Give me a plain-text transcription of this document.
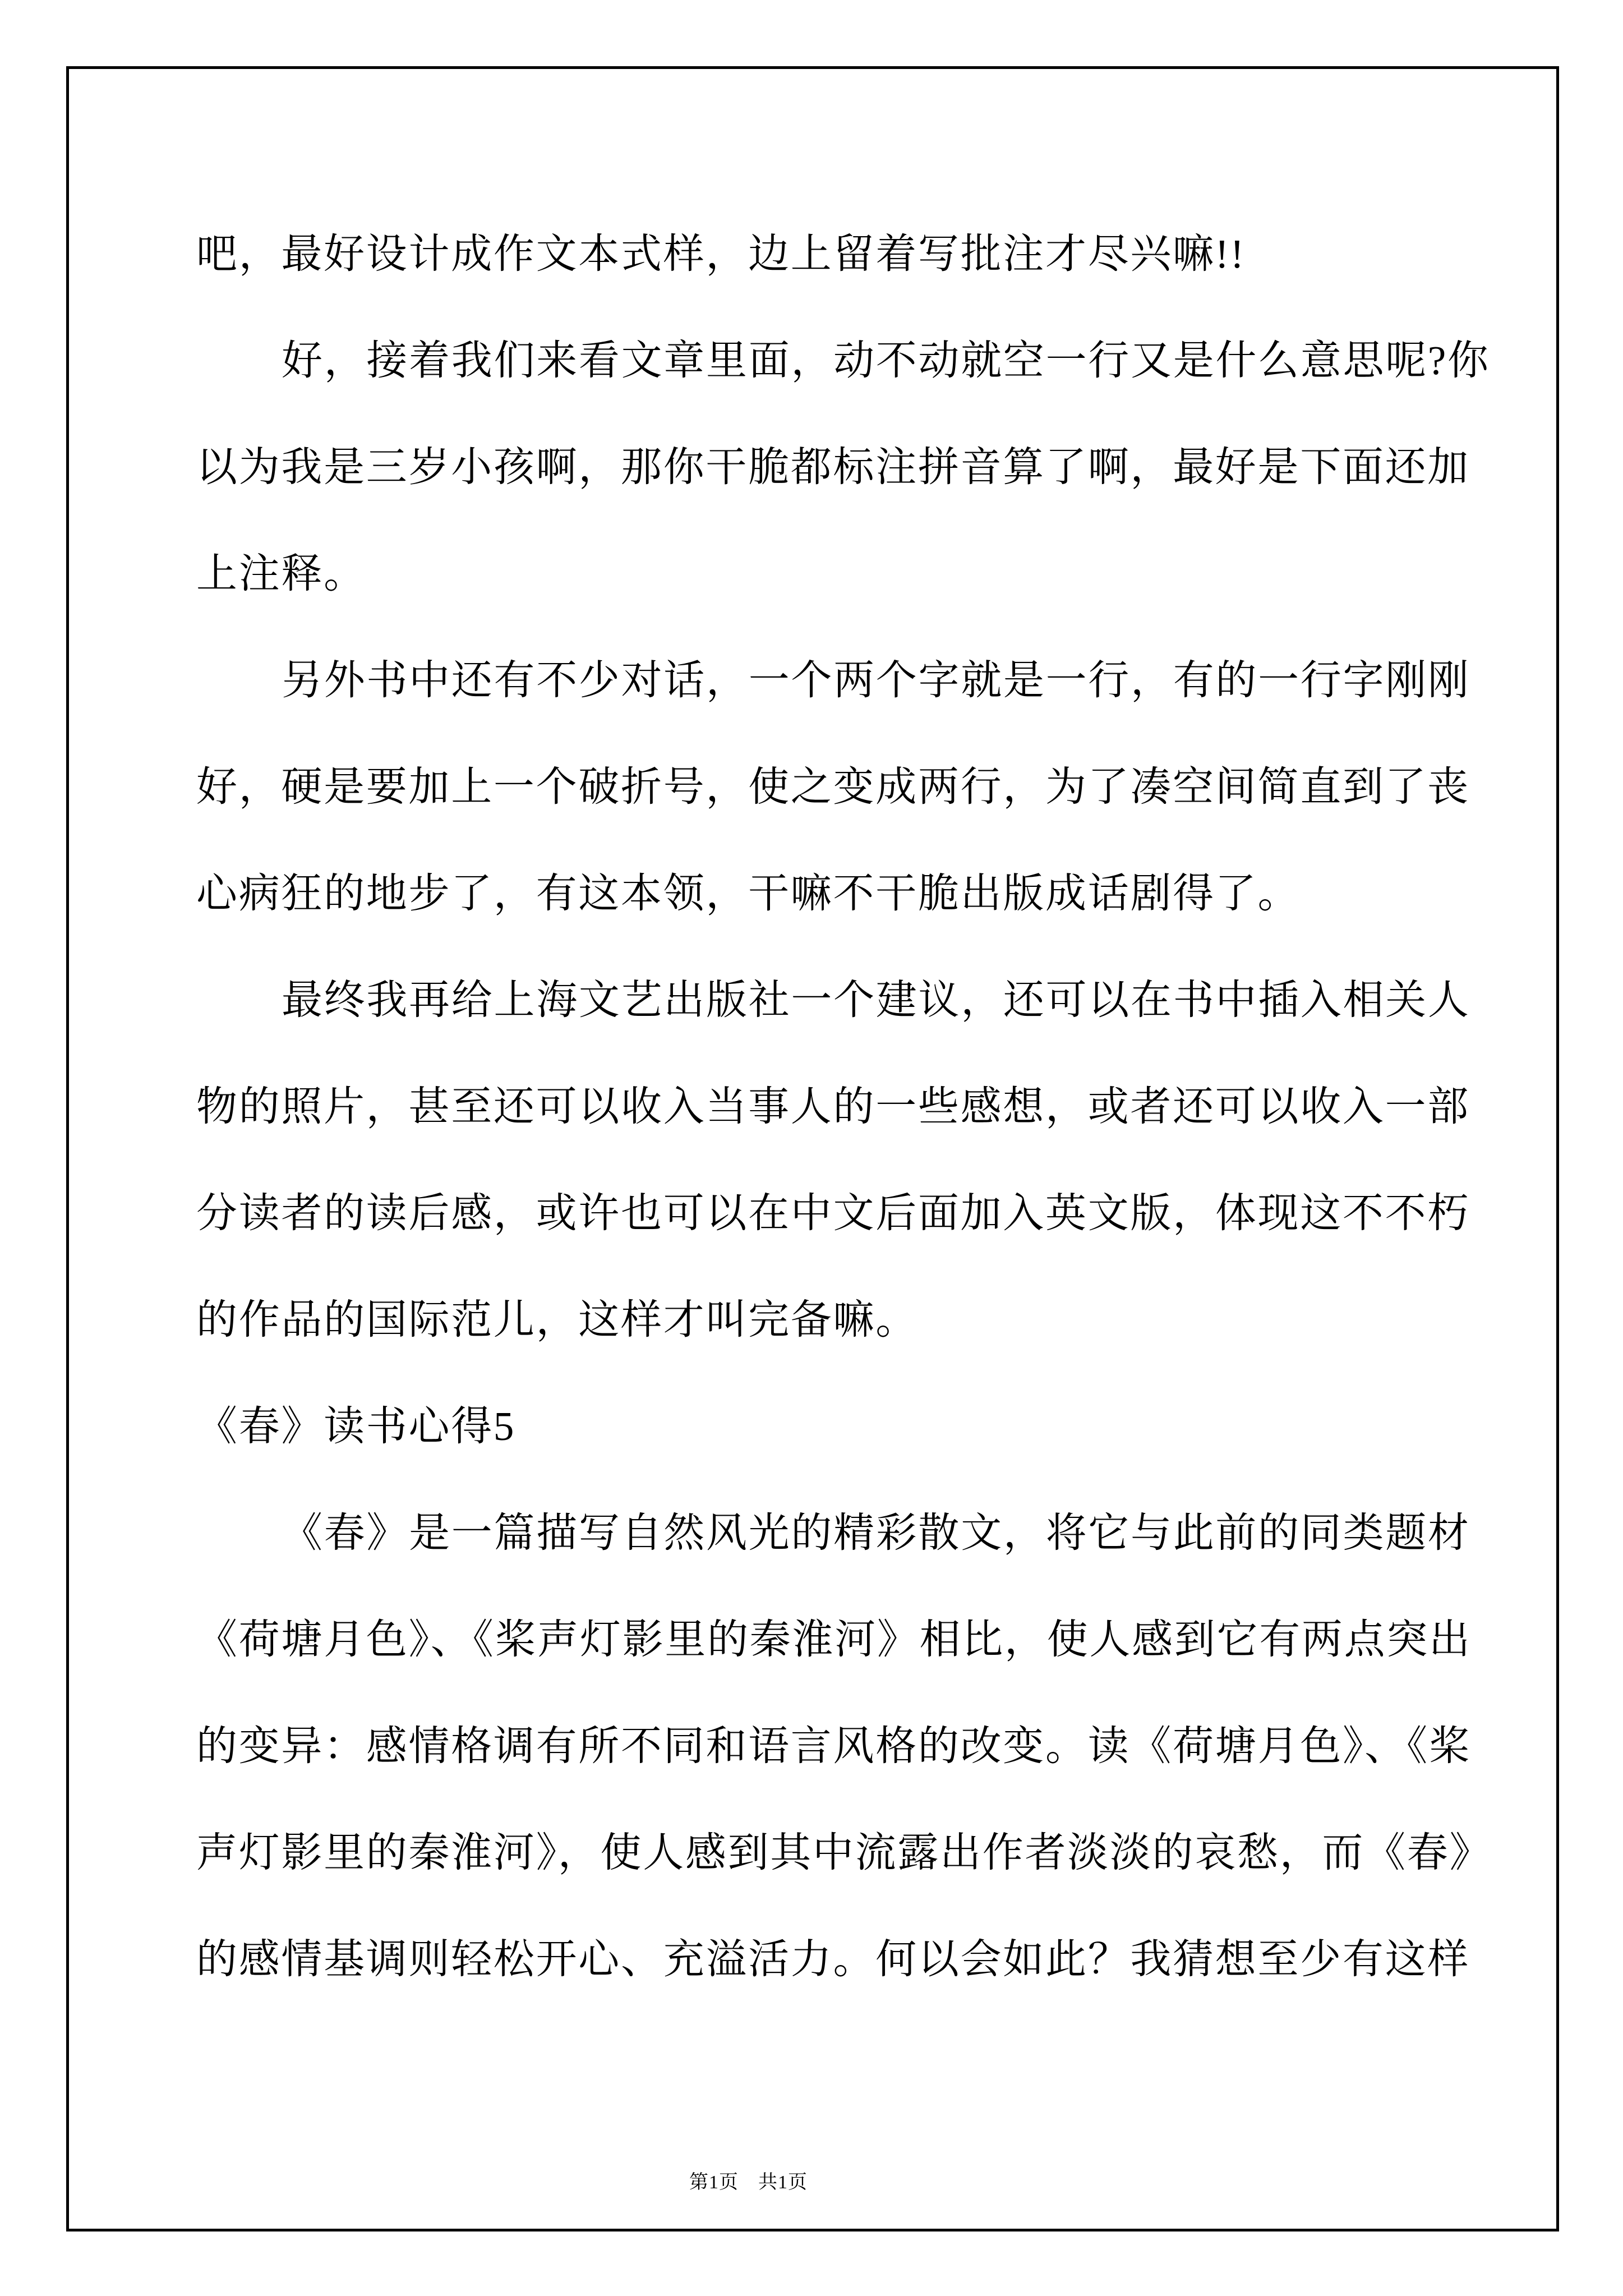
吧，最好设计成作文本式样，边上留着写批注才尽兴嘛!!
好，接着我们来看文章里面，动不动就空一行又是什么意思呢?你
以为我是三岁小孩啊，那你干脆都标注拼音算了啊，最好是下面还加
上注释。
另外书中还有不少对话，一个两个字就是一行，有的一行字刚刚
好，硬是要加上一个破折号，使之变成两行，为了凑空间简直到了丧
心病狂的地步了，有这本领，干嘛不干脆出版成话剧得了。
最终我再给上海文艺出版社一个建议，还可以在书中插入相关人
物的照片，甚至还可以收入当事人的一些感想，或者还可以收入一部
分读者的读后感，或许也可以在中文后面加入英文版，体现这不不朽
的作品的国际范儿，这样才叫完备嘛。
《春》读书心得5
《春》是一篇描写自然风光的精彩散文，将它与此前的同类题材
《荷塘月色》、《桨声灯影里的秦淮河》相比，使人感到它有两点突出
的变异：感情格调有所不同和语言风格的改变。读《荷塘月色》、《桨
声灯影里的秦淮河》，使人感到其中流露出作者淡淡的哀愁，而《春》
的感情基调则轻松开心、充溢活力。何以会如此？我猜想至少有这样

第1页　共1页
